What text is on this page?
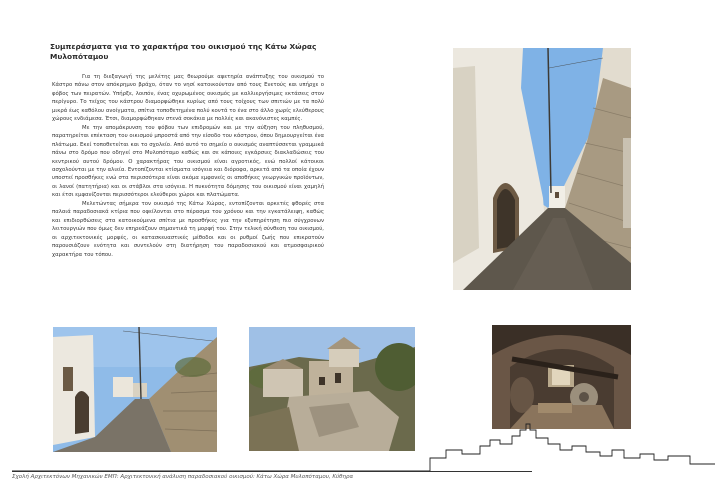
Συμπεράσματα για το χαρακτήρα του οικισμού της Κάτω Χώρας Μυλοπόταμου

Για τη διεξαγωγή της μελέτης μας θεωρούμε αφετηρία ανάπτυξης του οικισμού το Κάστρο πάνω στον απόκρημνο βράχο, όταν το νησί κατοικούνταν από τους Ενετούς και υπήρχε ο φόβος των πειρατών. Υπήρξε, λοιπόν, ένας οχυρωμένος οικισμός με καλλιεργήσιμες εκτάσεις στον περίγυρο. Το τείχος του κάστρου διαμορφώθηκε κυρίως από τους τοίχους των σπιτιών με τα πολύ μικρά έως καθόλου ανοίγματα, σπίτια τοποθετημένα πολύ κοντά το ένα στο άλλο χωρίς ελεύθερους χώρους ενδιάμεσα. Έτσι, διαμορφώθηκαν στενά σοκάκια με πολλές και ακανόνιστες καμπές.

Με την απομάκρυνση του φόβου των επιδρομών και με την αύξηση του πληθυσμού, παρατηρείται επέκταση του οικισμού μπροστά από την είσοδο του κάστρου, όπου δημιουργείται ένα πλάτωμα. Εκεί τοποθετείται και το σχολείο. Από αυτό το σημείο ο οικισμός αναπτύσσεται γραμμικά πάνω στο δρόμο που οδηγεί στο Μυλοπόταμο καθώς και σε κάποιες εγκάρσιες διακλαδώσεις του κεντρικού αυτού δρόμου. Ο χαρακτήρας του οικισμού είναι αγροτικός, ενώ πολλοί κάτοικοι ασχολούνται με την αλιεία. Εντοπίζονται κτίσματα ισόγεια και διόροφα, αρκετά από τα οποία έχουν υποστεί προσθήκες ενώ στα περισσότερα είναι ακόμα εμφανείς οι αποθήκες γεωργικών προϊόντων, οι λανοί (πατητήρια) και οι στάβλοι στα ισόγεια. Η πυκνότητα δόμησης του οικισμού είναι χαμηλή και έτσι εμφανίζονται περισσότεροι ελεύθεροι χώροι και πλατώματα.

Μελετώντας σήμερα τον οικισμό της Κάτω Χώρας, εντοπίζονται αρκετές φθορές στα παλαιά παραδοσιακά κτίρια που οφείλονται στο πέρασμα του χρόνου και την εγκατάλειψη, καθώς και επιδιορθώσεις στα κατοικούμενα σπίτια με προσθήκες για την εξυπηρέτηση πιο σύγχρονων λειτουργιών που όμως δεν επηρεάζουν σημαντικά τη μορφή του. Στην τελική σύνθεση του οικισμού, οι αρχιτεκτονικές μορφές, οι κατασκευαστικές μέθοδοι και οι ρυθμοί ζωής που επικρατούν παρουσιάζουν ενότητα και συντελούν στη διατήρηση του παραδοσιακού και ατμοσφαιρικού χαρακτήρα του τόπου.

Σχολή Αρχιτεκτόνων Μηχανικών ΕΜΠ: Αρχιτεκτονική ανάλυση παραδοσιακού οικισμού: Κάτω Χώρα Μυλοπόταμου, Κύθηρα
